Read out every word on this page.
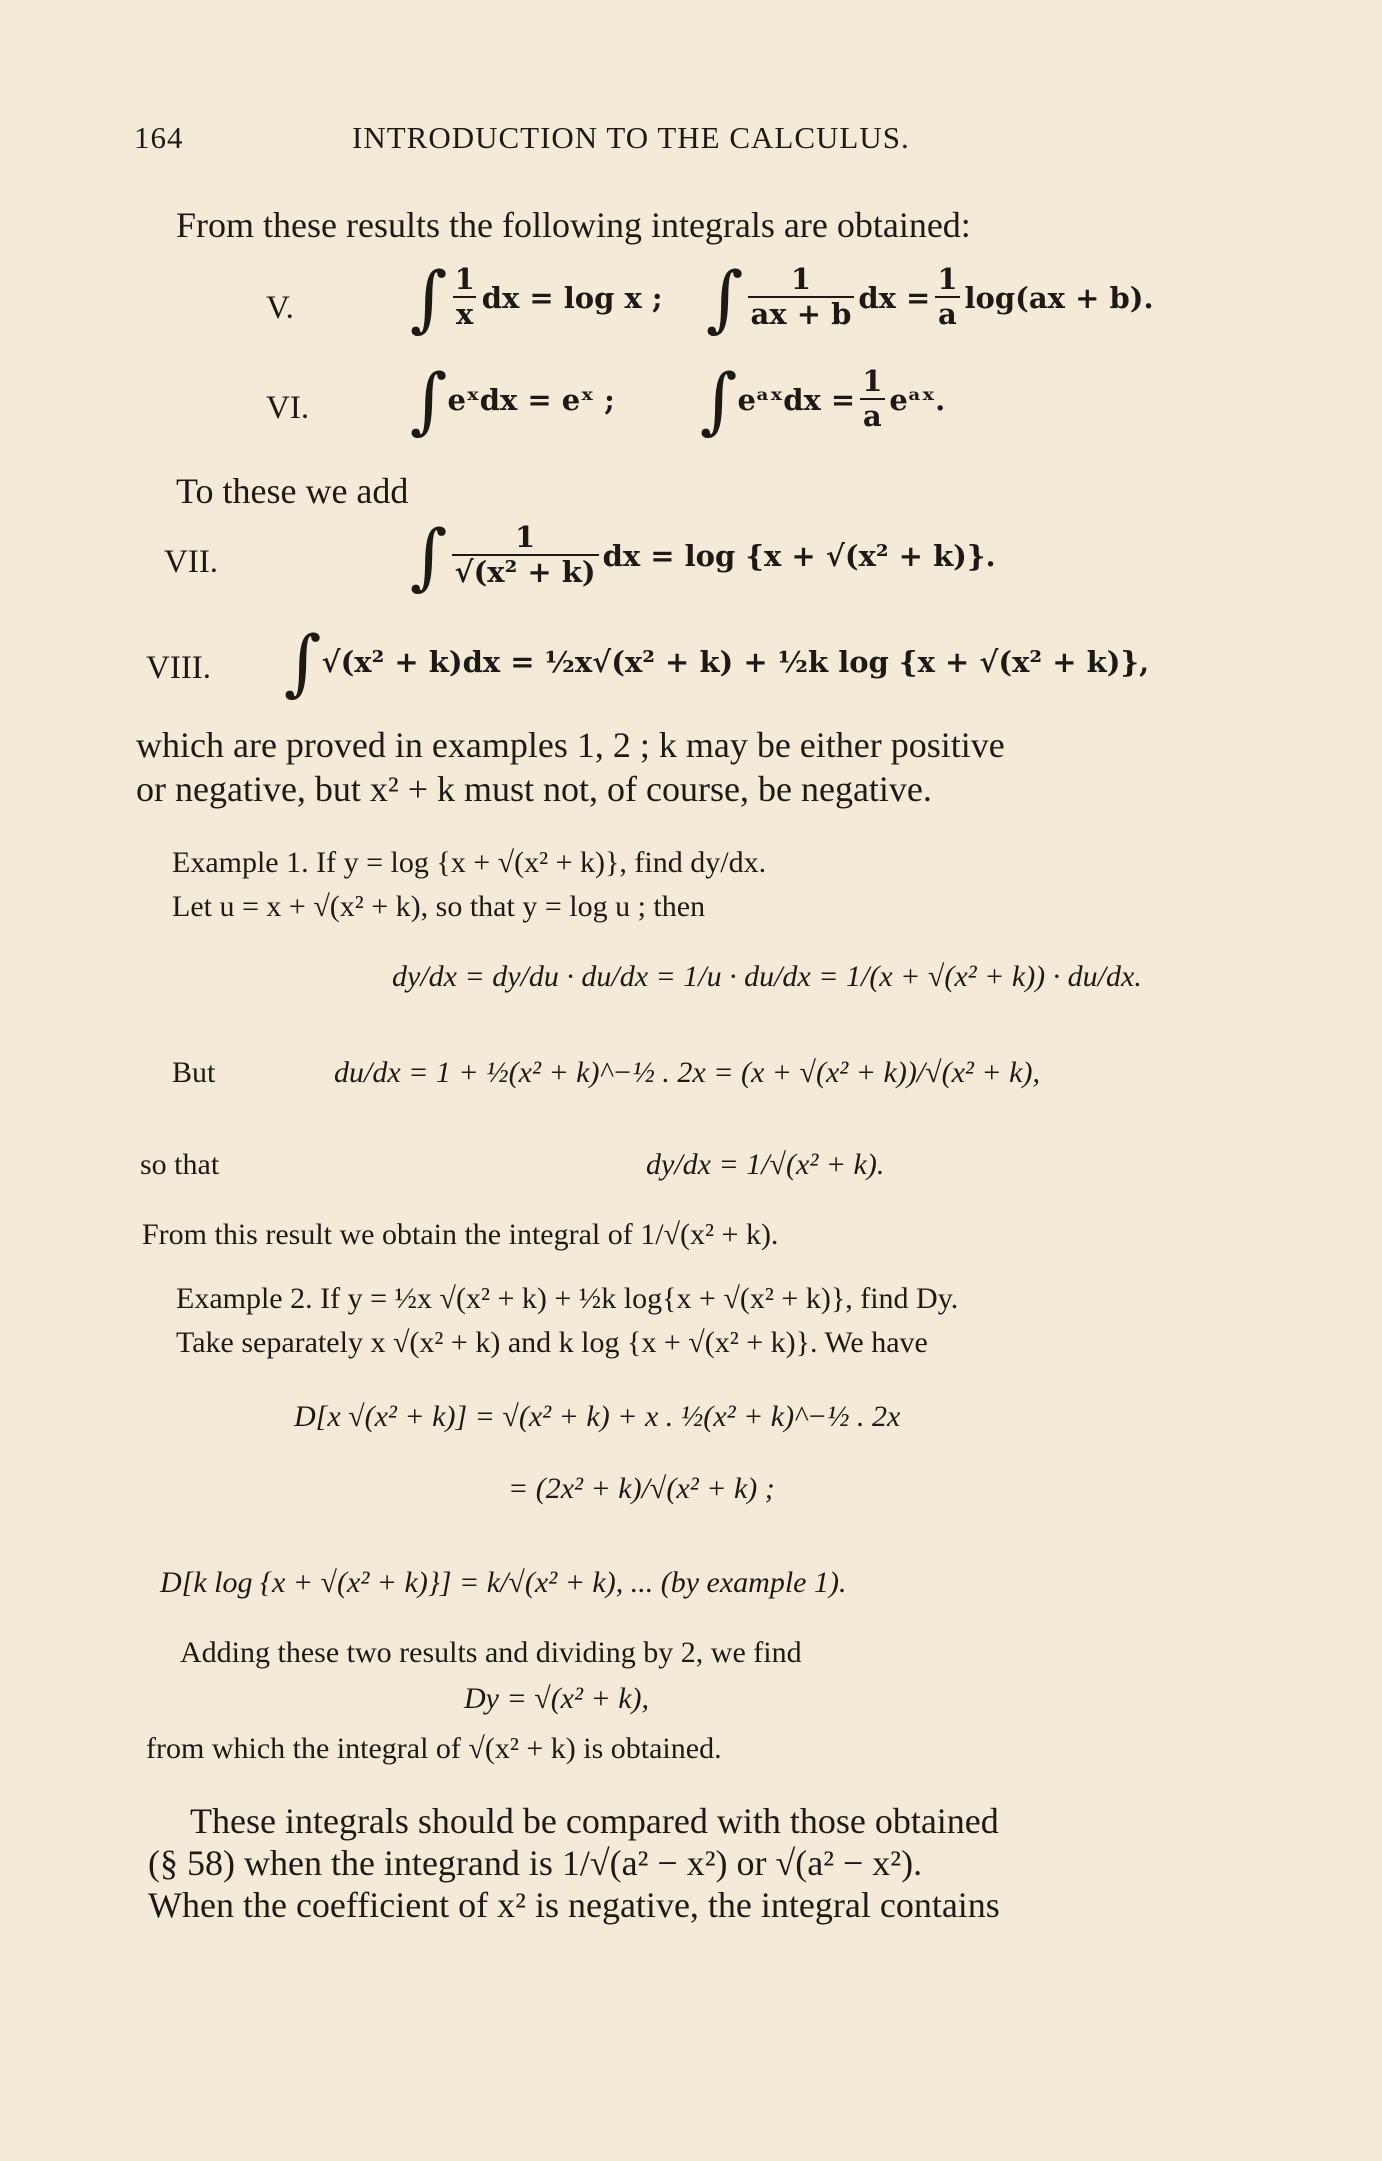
164	INTRODUCTION TO THE CALCULUS.
From these results the following integrals are obtained:
V. ∫ $\frac{1}{x}$ dx = log x ; ∫ $\frac{1}{ax + b}$ dx = $\frac{1}{a} \log(ax + b)$.
VI. ∫ eˣdx = eˣ ; ∫ eᵃˣdx = $\frac{1}{a}$ eᵃˣ.
To these we add
VII.	∫ $\frac{1}{\text{√(x² + k)}}$ dx = log {x + √(x² + k)}.
VIII. ∫ √(x² + k)dx = ½x√(x² + k) + ½k log {x + √(x² + k)},
which are proved in examples 1, 2 ; k may be either positive
or negative, but x² + k must not, of course, be negative.
Example 1. If y = log {x + √(x² + k)}, find dy/dx.
Let u = x + √(x² + k), so that y = log u ; then
dy/dx = dy/du · du/dx = 1/u · du/dx = 1/(x + √(x² + k)) · du/dx.
But	du/dx = 1 + ½(x² + k)^−½ . 2x = (x + √(x² + k))/√(x² + k),
so that	dy/dx = 1/√(x² + k).
From this result we obtain the integral of 1/√(x² + k).
Example 2. If y = ½x √(x² + k) + ½k log{x + √(x² + k)}, find Dy.
Take separately x √(x² + k) and k log {x + √(x² + k)}. We have
D[x √(x² + k)] = √(x² + k) + x . ½(x² + k)^−½ . 2x
= (2x² + k)/√(x² + k) ;
D[k log {x + √(x² + k)}] = k/√(x² + k), ... (by example 1).
Adding these two results and dividing by 2, we find
Dy = √(x² + k),
from which the integral of √(x² + k) is obtained.
These integrals should be compared with those obtained
(§ 58) when the integrand is 1/√(a² − x²) or √(a² − x²).
When the coefficient of x² is negative, the integral contains
